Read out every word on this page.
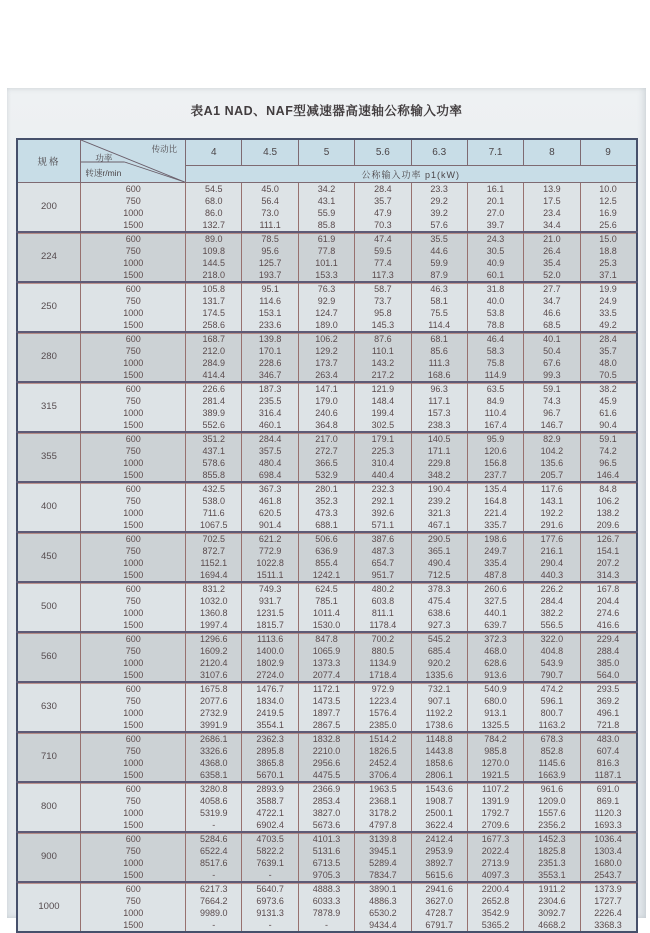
表A1 NAD、NAF型减速器高速轴公称输入功率
规格	传动比
功率
转速r/min	4	4.5	5	5.6	6.3	7.1	8	9
		公称输入功率 p1(kW)							
200	600	54.5	45.0	34.2	28.4	23.3	16.1	13.9	10.0
	750	68.0	56.4	43.1	35.7	29.2	20.1	17.5	12.5
	1000	86.0	73.0	55.9	47.9	39.2	27.0	23.4	16.9
	1500	132.7	111.1	85.8	70.3	57.6	39.7	34.4	25.6
224	600	89.0	78.5	61.9	47.4	35.5	24.3	21.0	15.0
	750	109.8	95.6	77.8	59.5	44.6	30.5	26.4	18.8
	1000	144.5	125.7	101.1	77.4	59.9	40.9	35.4	25.3
	1500	218.0	193.7	153.3	117.3	87.9	60.1	52.0	37.1
250	600	105.8	95.1	76.3	58.7	46.3	31.8	27.7	19.9
	750	131.7	114.6	92.9	73.7	58.1	40.0	34.7	24.9
	1000	174.5	153.1	124.7	95.8	75.5	53.8	46.6	33.5
	1500	258.6	233.6	189.0	145.3	114.4	78.8	68.5	49.2
280	600	168.7	139.8	106.2	87.6	68.1	46.4	40.1	28.4
	750	212.0	170.1	129.2	110.1	85.6	58.3	50.4	35.7
	1000	284.9	228.6	173.7	143.2	111.3	75.8	67.6	48.0
	1500	414.4	346.7	263.4	217.2	168.6	114.9	99.3	70.5
315	600	226.6	187.3	147.1	121.9	96.3	63.5	59.1	38.2
	750	281.4	235.5	179.0	148.4	117.1	84.9	74.3	45.9
	1000	389.9	316.4	240.6	199.4	157.3	110.4	96.7	61.6
	1500	552.6	460.1	364.8	302.5	238.3	167.4	146.7	90.4
355	600	351.2	284.4	217.0	179.1	140.5	95.9	82.9	59.1
	750	437.1	357.5	272.7	225.3	171.1	120.6	104.2	74.2
	1000	578.6	480.4	366.5	310.4	229.8	156.8	135.6	96.5
	1500	855.8	698.4	532.9	440.4	348.2	237.7	205.7	146.4
400	600	432.5	367.3	280.1	232.3	190.4	135.4	117.6	84.8
	750	538.0	461.8	352.3	292.1	239.2	164.8	143.1	106.2
	1000	711.6	620.5	473.3	392.6	321.3	221.4	192.2	138.2
	1500	1067.5	901.4	688.1	571.1	467.1	335.7	291.6	209.6
450	600	702.5	621.2	506.6	387.6	290.5	198.6	177.6	126.7
	750	872.7	772.9	636.9	487.3	365.1	249.7	216.1	154.1
	1000	1152.1	1022.8	855.4	654.7	490.4	335.4	290.4	207.2
	1500	1694.4	1511.1	1242.1	951.7	712.5	487.8	440.3	314.3
500	600	831.2	749.3	624.5	480.2	378.3	260.6	226.2	167.8
	750	1032.0	931.7	785.1	603.8	475.4	327.5	284.4	204.4
	1000	1360.8	1231.5	1011.4	811.1	638.6	440.1	382.2	274.6
	1500	1997.4	1815.7	1530.0	1178.4	927.3	639.7	556.5	416.6
560	600	1296.6	1113.6	847.8	700.2	545.2	372.3	322.0	229.4
	750	1609.2	1400.0	1065.9	880.5	685.4	468.0	404.8	288.4
	1000	2120.4	1802.9	1373.3	1134.9	920.2	628.6	543.9	385.0
	1500	3107.6	2724.0	2077.4	1718.4	1335.6	913.6	790.7	564.0
630	600	1675.8	1476.7	1172.1	972.9	732.1	540.9	474.2	293.5
	750	2077.6	1834.0	1473.5	1223.4	907.1	680.0	596.1	369.2
	1000	2732.9	2419.5	1897.7	1576.4	1192.2	913.1	800.7	496.1
	1500	3991.9	3554.1	2867.5	2385.0	1738.6	1325.5	1163.2	721.8
710	600	2686.1	2362.3	1832.8	1514.2	1148.8	784.2	678.3	483.0
	750	3326.6	2895.8	2210.0	1826.5	1443.8	985.8	852.8	607.4
	1000	4368.0	3865.8	2956.6	2452.4	1858.6	1270.0	1145.6	816.3
	1500	6358.1	5670.1	4475.5	3706.4	2806.1	1921.5	1663.9	1187.1
800	600	3280.8	2893.9	2366.9	1963.5	1543.6	1107.2	961.6	691.0
	750	4058.6	3588.7	2853.4	2368.1	1908.7	1391.9	1209.0	869.1
	1000	5319.9	4722.1	3827.0	3178.2	2500.1	1792.7	1557.6	1120.3
	1500	-	6902.4	5673.6	4797.8	3622.4	2709.6	2356.2	1693.3
900	600	5284.6	4703.5	4101.3	3139.8	2412.4	1677.3	1452.3	1036.4
	750	6522.4	5822.2	5131.6	3945.1	2953.9	2022.4	1825.8	1303.4
	1000	8517.6	7639.1	6713.5	5289.4	3892.7	2713.9	2351.3	1680.0
	1500	-	-	9705.3	7834.7	5615.6	4097.3	3553.1	2543.7
1000	600	6217.3	5640.7	4888.3	3890.1	2941.6	2200.4	1911.2	1373.9
	750	7664.2	6973.6	6033.3	4886.3	3627.0	2652.8	2304.6	1727.7
	1000	9989.0	9131.3	7878.9	6530.2	4728.7	3542.9	3092.7	2226.4
	1500	-	-	-	9434.4	6791.7	5365.2	4668.2	3368.3
